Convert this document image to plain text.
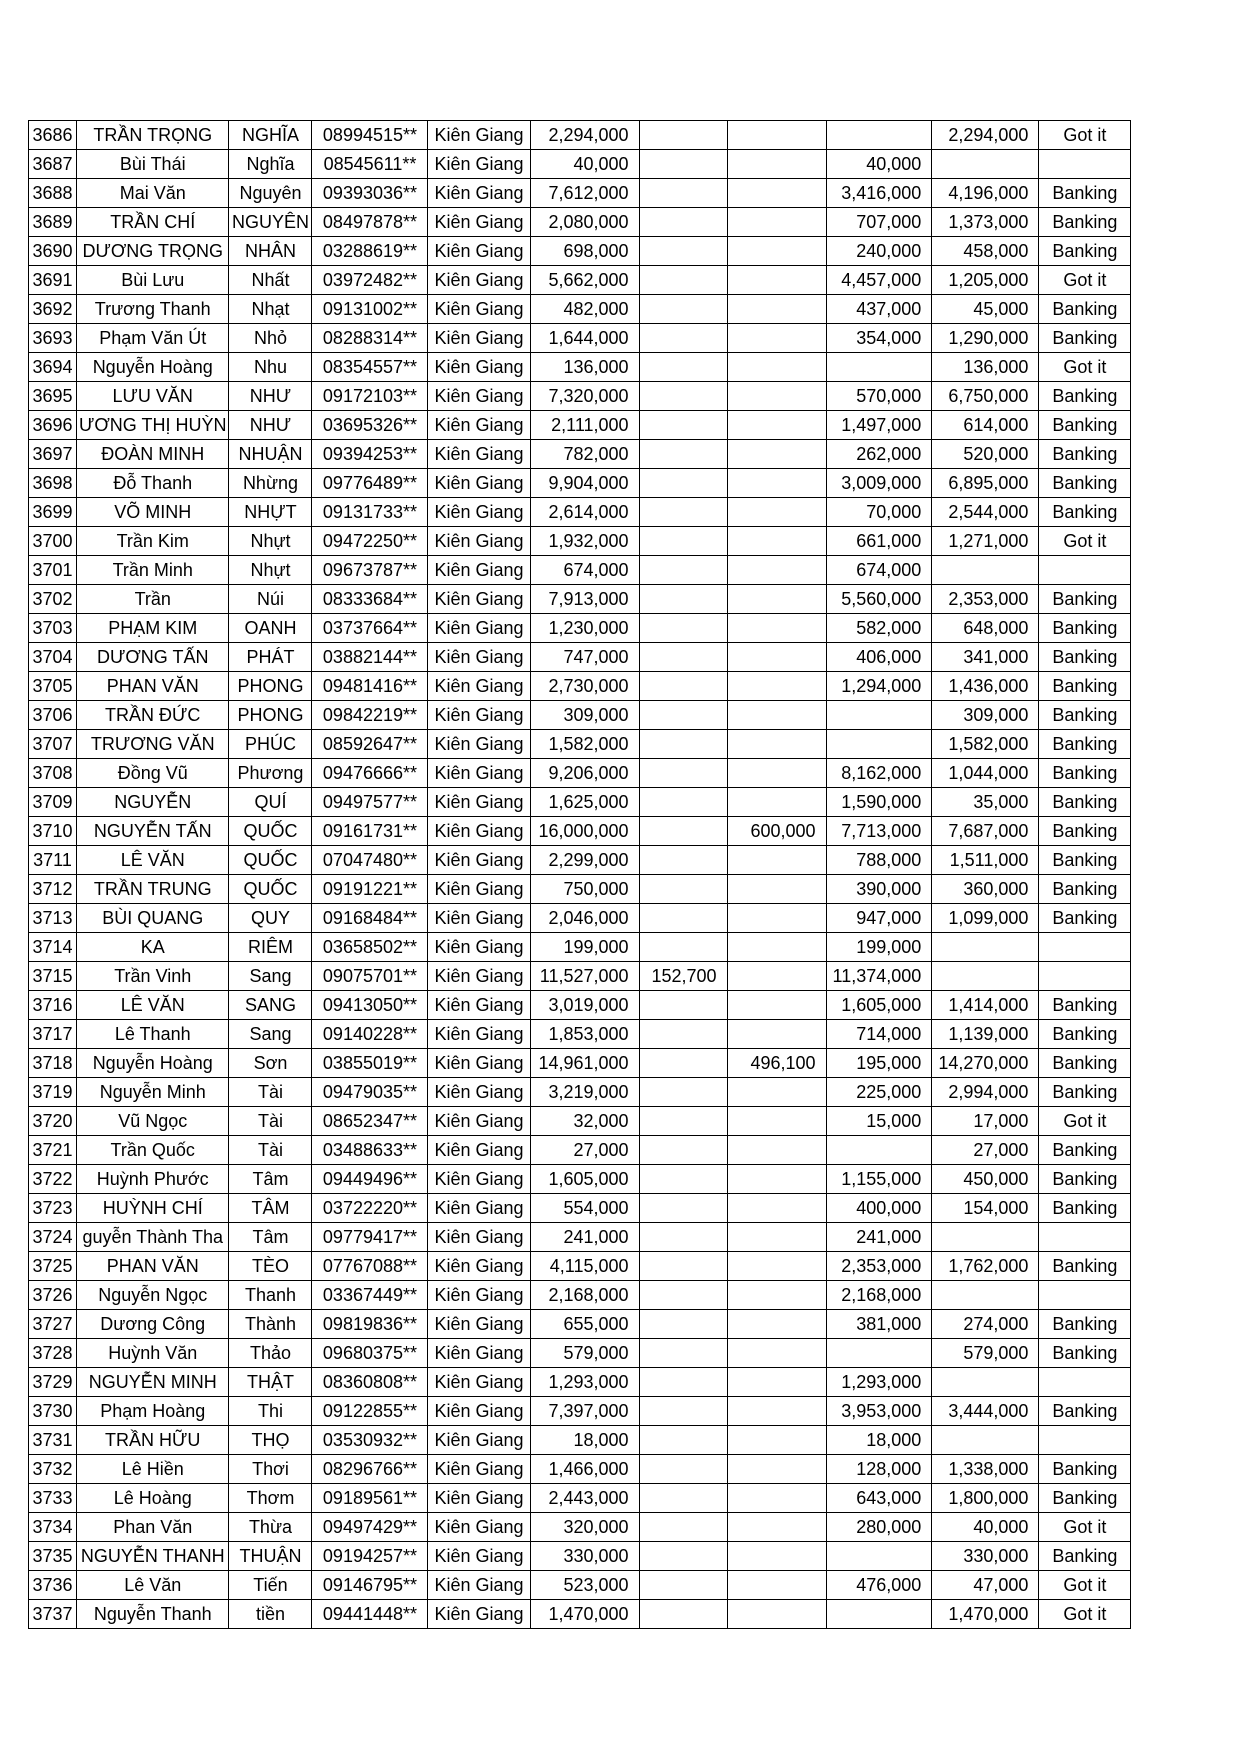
3686	TRẦN TRỌNG	NGHĨA	08994515**	Kiên Giang	2,294,000				2,294,000	Got it
3687	Bùi Thái	Nghĩa	08545611**	Kiên Giang	40,000			40,000		
3688	Mai Văn	Nguyên	09393036**	Kiên Giang	7,612,000			3,416,000	4,196,000	Banking
3689	TRẦN CHÍ	NGUYÊN	08497878**	Kiên Giang	2,080,000			707,000	1,373,000	Banking
3690	DƯƠNG TRỌNG	NHÂN	03288619**	Kiên Giang	698,000			240,000	458,000	Banking
3691	Bùi Lưu	Nhất	03972482**	Kiên Giang	5,662,000			4,457,000	1,205,000	Got it
3692	Trương Thanh	Nhạt	09131002**	Kiên Giang	482,000			437,000	45,000	Banking
3693	Phạm Văn Út	Nhỏ	08288314**	Kiên Giang	1,644,000			354,000	1,290,000	Banking
3694	Nguyễn Hoàng	Nhu	08354557**	Kiên Giang	136,000				136,000	Got it
3695	LƯU VĂN	NHƯ	09172103**	Kiên Giang	7,320,000			570,000	6,750,000	Banking
3696	ƯƠNG THỊ HUỲN	NHƯ	03695326**	Kiên Giang	2,111,000			1,497,000	614,000	Banking
3697	ĐOÀN MINH	NHUẬN	09394253**	Kiên Giang	782,000			262,000	520,000	Banking
3698	Đỗ Thanh	Nhừng	09776489**	Kiên Giang	9,904,000			3,009,000	6,895,000	Banking
3699	VÕ MINH	NHỰT	09131733**	Kiên Giang	2,614,000			70,000	2,544,000	Banking
3700	Trần Kim	Nhựt	09472250**	Kiên Giang	1,932,000			661,000	1,271,000	Got it
3701	Trần Minh	Nhựt	09673787**	Kiên Giang	674,000			674,000		
3702	Trần	Núi	08333684**	Kiên Giang	7,913,000			5,560,000	2,353,000	Banking
3703	PHẠM KIM	OANH	03737664**	Kiên Giang	1,230,000			582,000	648,000	Banking
3704	DƯƠNG TẤN	PHÁT	03882144**	Kiên Giang	747,000			406,000	341,000	Banking
3705	PHAN VĂN	PHONG	09481416**	Kiên Giang	2,730,000			1,294,000	1,436,000	Banking
3706	TRẦN ĐỨC	PHONG	09842219**	Kiên Giang	309,000				309,000	Banking
3707	TRƯƠNG VĂN	PHÚC	08592647**	Kiên Giang	1,582,000				1,582,000	Banking
3708	Đồng Vũ	Phương	09476666**	Kiên Giang	9,206,000			8,162,000	1,044,000	Banking
3709	NGUYỄN	QUÍ	09497577**	Kiên Giang	1,625,000			1,590,000	35,000	Banking
3710	NGUYỄN TẤN	QUỐC	09161731**	Kiên Giang	16,000,000		600,000	7,713,000	7,687,000	Banking
3711	LÊ VĂN	QUỐC	07047480**	Kiên Giang	2,299,000			788,000	1,511,000	Banking
3712	TRẦN TRUNG	QUỐC	09191221**	Kiên Giang	750,000			390,000	360,000	Banking
3713	BÙI QUANG	QUY	09168484**	Kiên Giang	2,046,000			947,000	1,099,000	Banking
3714	KA	RIÊM	03658502**	Kiên Giang	199,000			199,000		
3715	Trần Vinh	Sang	09075701**	Kiên Giang	11,527,000	152,700		11,374,000		
3716	LÊ VĂN	SANG	09413050**	Kiên Giang	3,019,000			1,605,000	1,414,000	Banking
3717	Lê Thanh	Sang	09140228**	Kiên Giang	1,853,000			714,000	1,139,000	Banking
3718	Nguyễn Hoàng	Sơn	03855019**	Kiên Giang	14,961,000		496,100	195,000	14,270,000	Banking
3719	Nguyễn Minh	Tài	09479035**	Kiên Giang	3,219,000			225,000	2,994,000	Banking
3720	Vũ Ngọc	Tài	08652347**	Kiên Giang	32,000			15,000	17,000	Got it
3721	Trần Quốc	Tài	03488633**	Kiên Giang	27,000				27,000	Banking
3722	Huỳnh Phước	Tâm	09449496**	Kiên Giang	1,605,000			1,155,000	450,000	Banking
3723	HUỲNH CHÍ	TÂM	03722220**	Kiên Giang	554,000			400,000	154,000	Banking
3724	guyễn Thành Tha	Tâm	09779417**	Kiên Giang	241,000			241,000		
3725	PHAN VĂN	TÈO	07767088**	Kiên Giang	4,115,000			2,353,000	1,762,000	Banking
3726	Nguyễn Ngọc	Thanh	03367449**	Kiên Giang	2,168,000			2,168,000		
3727	Dương Công	Thành	09819836**	Kiên Giang	655,000			381,000	274,000	Banking
3728	Huỳnh Văn	Thảo	09680375**	Kiên Giang	579,000				579,000	Banking
3729	NGUYỄN MINH	THẬT	08360808**	Kiên Giang	1,293,000			1,293,000		
3730	Phạm Hoàng	Thi	09122855**	Kiên Giang	7,397,000			3,953,000	3,444,000	Banking
3731	TRẦN HỮU	THỌ	03530932**	Kiên Giang	18,000			18,000		
3732	Lê Hiền	Thơi	08296766**	Kiên Giang	1,466,000			128,000	1,338,000	Banking
3733	Lê Hoàng	Thơm	09189561**	Kiên Giang	2,443,000			643,000	1,800,000	Banking
3734	Phan Văn	Thừa	09497429**	Kiên Giang	320,000			280,000	40,000	Got it
3735	NGUYỄN THANH	THUẬN	09194257**	Kiên Giang	330,000				330,000	Banking
3736	Lê Văn	Tiến	09146795**	Kiên Giang	523,000			476,000	47,000	Got it
3737	Nguyễn Thanh	tiền	09441448**	Kiên Giang	1,470,000				1,470,000	Got it
